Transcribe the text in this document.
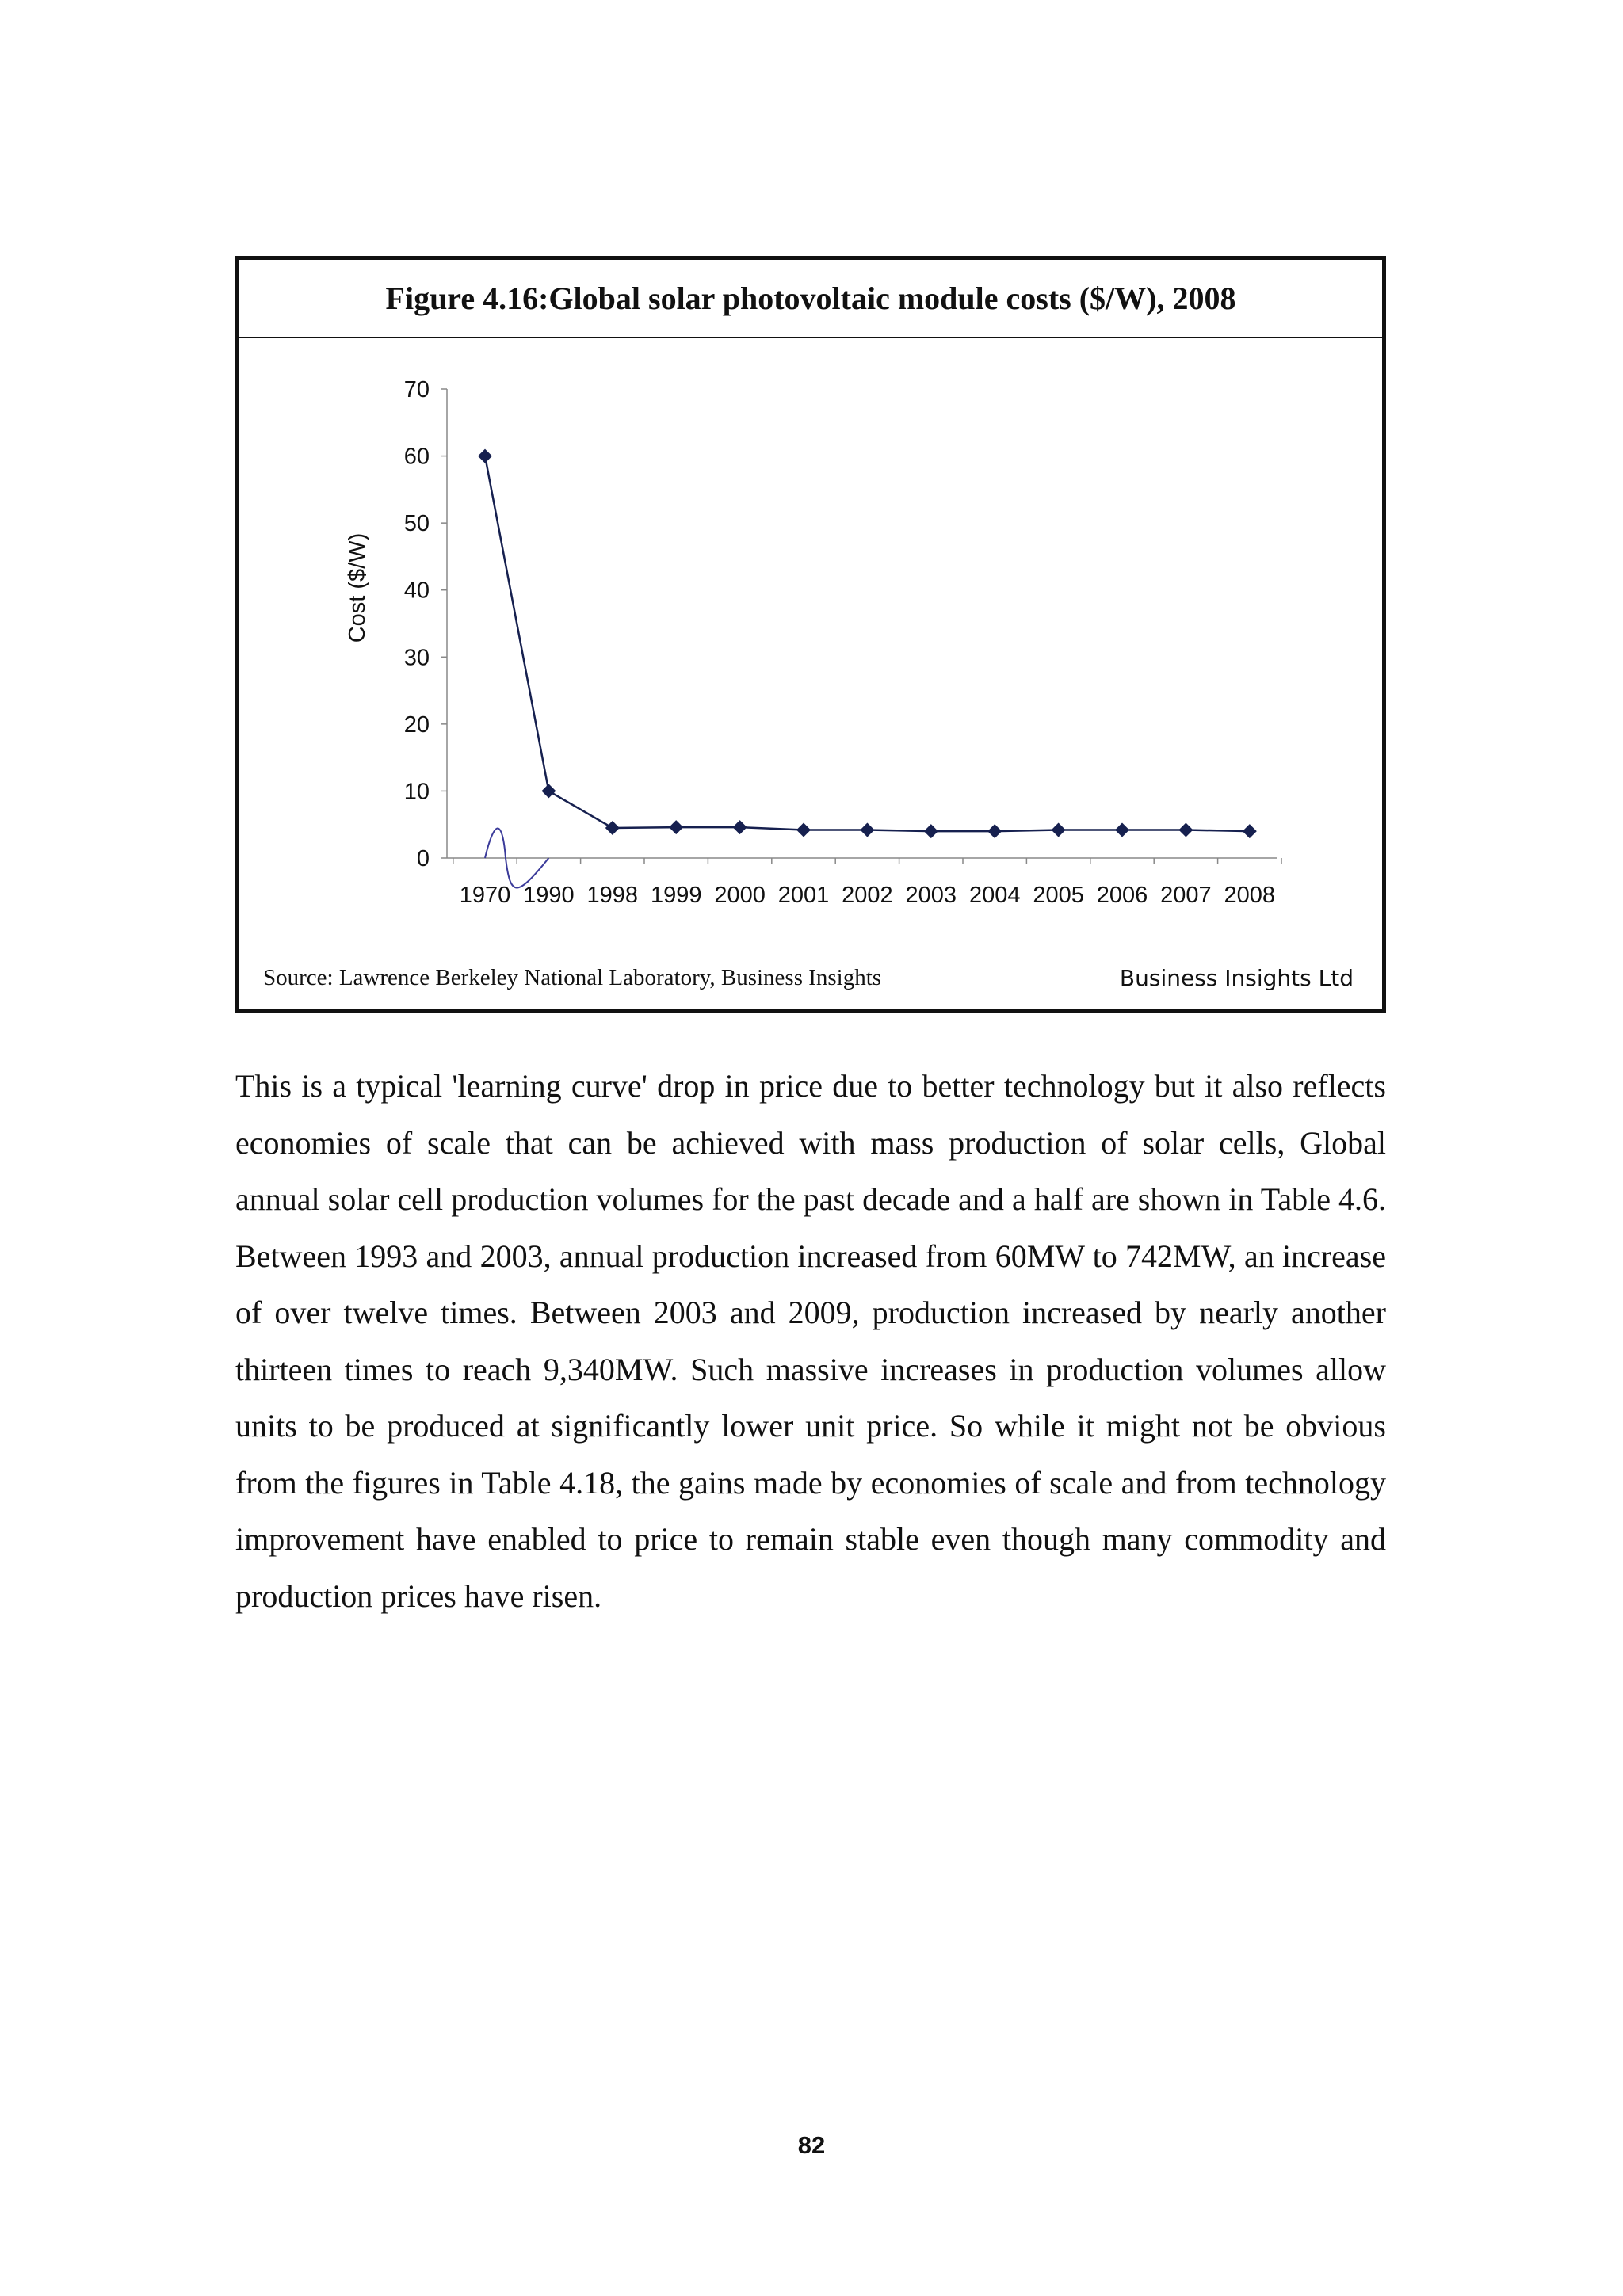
Figure 4.16:Global solar photovoltaic module costs ($/W), 2008
0
10
20
30
40
50
60
70
1970 1990 1998 1999 2000 2001 2002 2003 2004 2005 2006 2007 2008
Cost ($/W)
Source: Lawrence Berkeley National Laboratory, Business Insights	Business Insights Ltd

This is a typical 'learning curve' drop in price due to better technology but it also reflects economies of scale that can be achieved with mass production of solar cells, Global annual solar cell production volumes for the past decade and a half are shown in Table 4.6. Between 1993 and 2003, annual production increased from 60MW to 742MW, an increase of over twelve times. Between 2003 and 2009, production increased by nearly another thirteen times to reach 9,340MW. Such massive increases in production volumes allow units to be produced at significantly lower unit price. So while it might not be obvious from the figures in Table 4.18, the gains made by economies of scale and from technology improvement have enabled to price to remain stable even though many commodity and production prices have risen.

82
